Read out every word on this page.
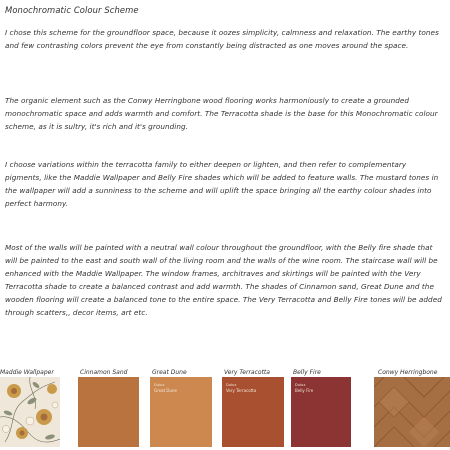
Monochromatic Colour Scheme

I chose this scheme for the groundfloor space, because it oozes simplicity, calmness and relaxation. The earthy tones and few contrasting colors prevent the eye from constantly being distracted as one moves around the space.

The organic element such as the Conwy Herringbone wood flooring works harmoniously to create a grounded monochromatic space and adds warmth and comfort. The Terracotta shade is the base for this Monochromatic colour scheme, as it is sultry, it's rich and it's grounding.

I choose variations within the terracotta family to either deepen or lighten, and then refer to complementary pigments, like the Maddie Wallpaper and Belly Fire shades which will be added to feature walls. The mustard tones in the wallpaper will add a sunniness to the scheme and will uplift the space bringing all the earthy colour shades into perfect harmony.

Most of the walls will be painted with a neutral wall colour throughout the groundfloor, with the Belly fire shade that will be painted to the east and south wall of the living room and the walls of the wine room. The staircase wall will be enhanced with the Maddie Wallpaper. The window frames, architraves and skirtings will be painted with the Very Terracotta shade to create a balanced contrast and add warmth. The shades of Cinnamon sand, Great Dune and the wooden flooring will create a balanced tone to the entire space. The Very Terracotta and Belly Fire tones will be added through scatters,, decor items, art etc.

Maddie Wallpaper	Cinnamon Sand	Great Dune	Very Terracotta	Belly Fire	Conwy Herringbone
Dulux
Great Dune
Dulux
Very Terracotta
Dulux
Belly Fire
